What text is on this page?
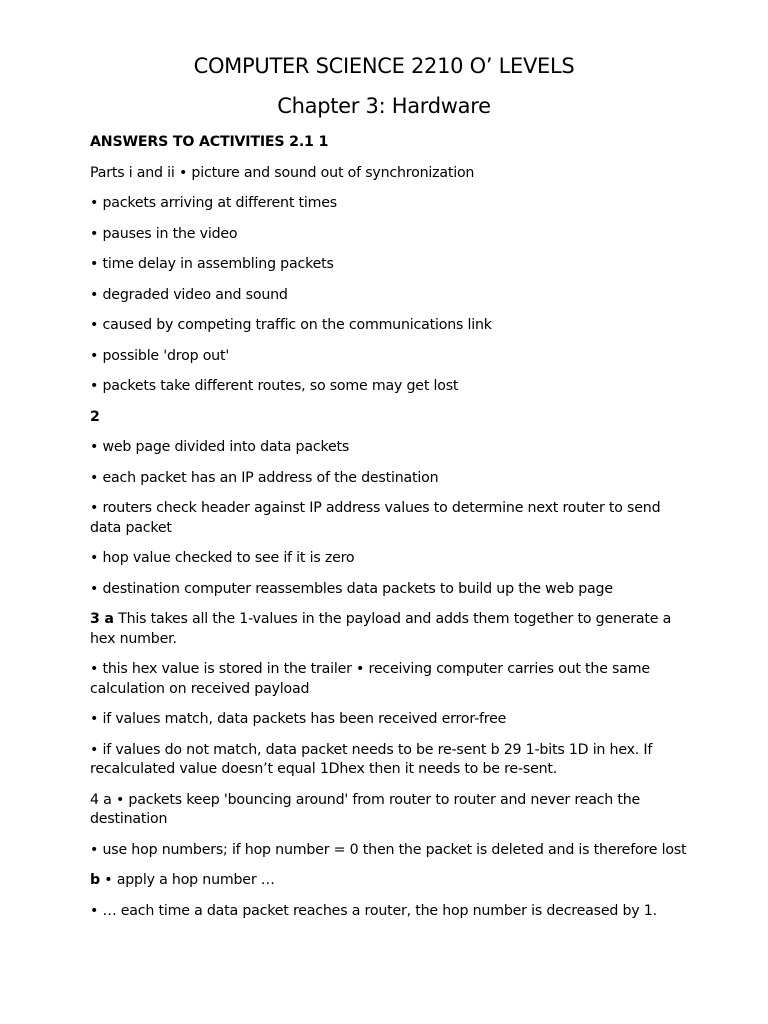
COMPUTER SCIENCE 2210 O’ LEVELS
Chapter 3: Hardware

ANSWERS TO ACTIVITIES 2.1 1

Parts i and ii • picture and sound out of synchronization

• packets arriving at different times

• pauses in the video

• time delay in assembling packets

• degraded video and sound

• caused by competing traffic on the communications link

• possible 'drop out'

• packets take different routes, so some may get lost

2

• web page divided into data packets

• each packet has an IP address of the destination

• routers check header against IP address values to determine next router to send data packet

• hop value checked to see if it is zero

• destination computer reassembles data packets to build up the web page

3 a This takes all the 1-values in the payload and adds them together to generate a hex number.

• this hex value is stored in the trailer • receiving computer carries out the same calculation on received payload

• if values match, data packets has been received error-free

• if values do not match, data packet needs to be re-sent b 29 1-bits 1D in hex. If recalculated value doesn’t equal 1Dhex then it needs to be re-sent.

4 a • packets keep 'bouncing around' from router to router and never reach the destination

• use hop numbers; if hop number = 0 then the packet is deleted and is therefore lost

b • apply a hop number …

• … each time a data packet reaches a router, the hop number is decreased by 1.
